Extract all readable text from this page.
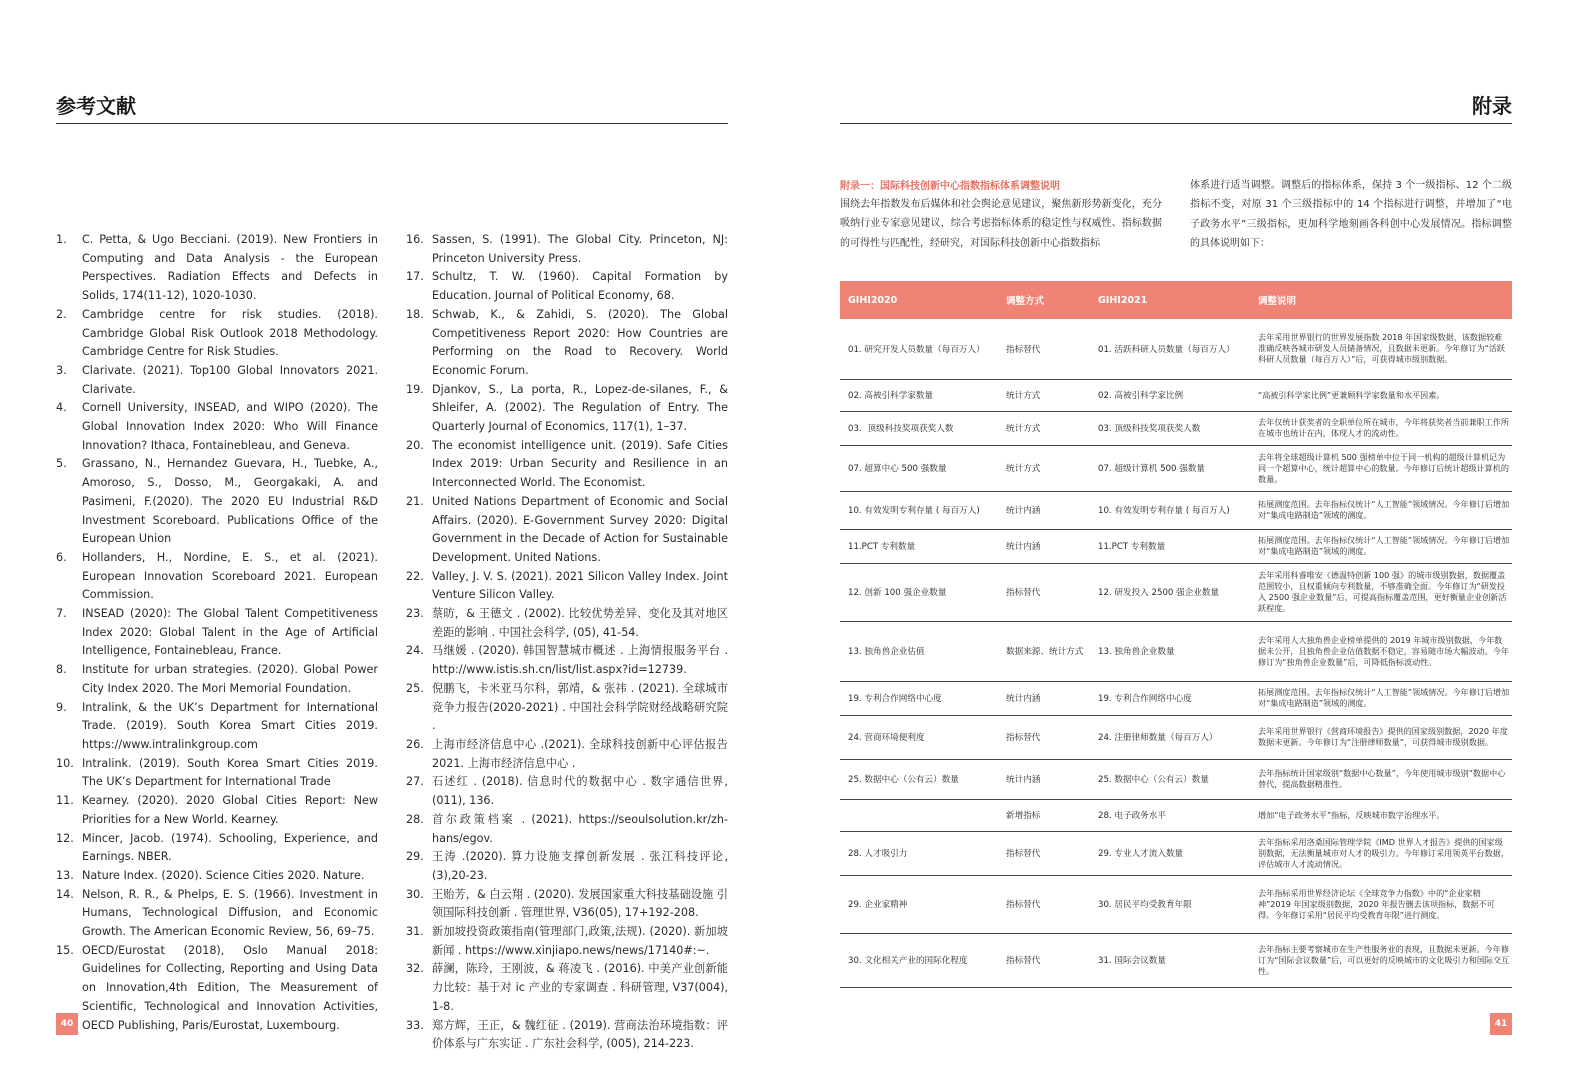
参考文献
1. C. Petta, & Ugo Becciani. (2019). New Frontiers in Computing and Data Analysis - the European Perspectives. Radiation Effects and Defects in Solids, 174(11-12), 1020-1030.
2. Cambridge centre for risk studies. (2018). Cambridge Global Risk Outlook 2018 Methodology. Cambridge Centre for Risk Studies.
3. Clarivate. (2021). Top100 Global Innovators 2021. Clarivate.
4. Cornell University, INSEAD, and WIPO (2020). The Global Innovation Index 2020: Who Will Finance Innovation? Ithaca, Fontainebleau, and Geneva.
5. Grassano, N., Hernandez Guevara, H., Tuebke, A., Amoroso, S., Dosso, M., Georgakaki, A. and Pasimeni, F.(2020). The 2020 EU Industrial R&D Investment Scoreboard. Publications Office of the European Union
6. Hollanders, H., Nordine, E. S., et al. (2021). European Innovation Scoreboard 2021. European Commission.
7. INSEAD (2020): The Global Talent Competitiveness Index 2020: Global Talent in the Age of Artificial Intelligence, Fontainebleau, France.
8. Institute for urban strategies. (2020). Global Power City Index 2020. The Mori Memorial Foundation.
9. Intralink, & the UK’s Department for International Trade. (2019). South Korea Smart Cities 2019. https://www.intralinkgroup.com
10. Intralink. (2019). South Korea Smart Cities 2019. The UK’s Department for International Trade
11. Kearney. (2020). 2020 Global Cities Report: New Priorities for a New World. Kearney.
12. Mincer, Jacob. (1974). Schooling, Experience, and Earnings. NBER.
13. Nature Index. (2020). Science Cities 2020. Nature.
14. Nelson, R. R., & Phelps, E. S. (1966). Investment in Humans, Technological Diffusion, and Economic Growth. The American Economic Review, 56, 69–75.
15. OECD/Eurostat (2018), Oslo Manual 2018: Guidelines for Collecting, Reporting and Using Data on Innovation,4th Edition, The Measurement of Scientific, Technological and Innovation Activities, OECD Publishing, Paris/Eurostat, Luxembourg.
16. Sassen, S. (1991). The Global City. Princeton, NJ: Princeton University Press.
17. Schultz, T. W. (1960). Capital Formation by Education. Journal of Political Economy, 68.
18. Schwab, K., & Zahidi, S. (2020). The Global Competitiveness Report 2020: How Countries are Performing on the Road to Recovery. World Economic Forum.
19. Djankov, S., La porta, R., Lopez-de-silanes, F., & Shleifer, A. (2002). The Regulation of Entry. The Quarterly Journal of Economics, 117(1), 1–37.
20. The economist intelligence unit. (2019). Safe Cities Index 2019: Urban Security and Resilience in an Interconnected World. The Economist.
21. United Nations Department of Economic and Social Affairs. (2020). E-Government Survey 2020: Digital Government in the Decade of Action for Sustainable Development. United Nations.
22. Valley, J. V. S. (2021). 2021 Silicon Valley Index. Joint Venture Silicon Valley.
23. 蔡昉，& 王德文 . (2002). 比较优势差异、变化及其对地区差距的影响 . 中国社会科学, (05), 41-54.
24. 马继媛 . (2020). 韩国智慧城市概述 . 上海情报服务平台 . http://www.istis.sh.cn/list/list.aspx?id=12739.
25. 倪鹏飞，卡米亚马尔科，郭靖，& 张祎 . (2021). 全球城市竞争力报告(2020-2021) . 中国社会科学院财经战略研究院 .
26. 上海市经济信息中心 .(2021). 全球科技创新中心评估报告 2021. 上海市经济信息中心 .
27. 石述红 . (2018). 信息时代的数据中心 . 数字通信世界, (011), 136.
28. 首尔政策档案 . (2021). https://seoulsolution.kr/zh-hans/egov.
29. 王涛 .(2020). 算力设施支撑创新发展 . 张江科技评论,(3),20-23.
30. 王贻芳，& 白云翔 . (2020). 发展国家重大科技基础设施 引领国际科技创新 . 管理世界, V36(05), 17+192-208.
31. 新加坡投资政策指南(管理部门,政策,法规). (2020). 新加坡新闻 . https://www.xinjiapo.news/news/17140#:~.
32. 薛澜，陈玲，王刚波，& 蒋凌飞 . (2016). 中美产业创新能力比较：基于对 ic 产业的专家调查 . 科研管理, V37(004), 1-8.
33. 郑方辉，王正，& 魏红征 . (2019). 营商法治环境指数：评价体系与广东实证 . 广东社会科学, (005), 214-223.
40
附录
附录一：国际科技创新中心指数指标体系调整说明
围绕去年指数发布后媒体和社会舆论意见建议，聚焦新形势新变化，充分吸纳行业专家意见建议，综合考虑指标体系的稳定性与权威性、指标数据的可得性与匹配性，经研究，对国际科技创新中心指数指标
体系进行适当调整。调整后的指标体系，保持 3 个一级指标、12 个二级指标不变，对原 31 个三级指标中的 14 个指标进行调整，并增加了“电子政务水平”三级指标，更加科学地刻画各科创中心发展情况。指标调整的具体说明如下：
GIHI2020	调整方式	GIHI2021	调整说明
01. 研究开发人员数量（每百万人）	指标替代	01. 活跃科研人员数量（每百万人）	去年采用世界银行的世界发展指数 2018 年国家级数据，该数据较难准确反映各城市研发人员储备情况，且数据未更新。今年修订为“活跃科研人员数量（每百万人）”后，可获得城市级别数据。
02. 高被引科学家数量	统计方式	02. 高被引科学家比例	“高被引科学家比例”更兼顾科学家数量和水平因素。
03．顶级科技奖项获奖人数	统计方式	03. 顶级科技奖项获奖人数	去年仅统计获奖者的全职单位所在城市，今年将获奖者当前兼职工作所在城市也统计在内，体现人才的流动性。
07. 超算中心 500 强数量	统计方式	07. 超级计算机 500 强数量	去年将全球超级计算机 500 强榜单中位于同一机构的超级计算机记为同一个超算中心，统计超算中心的数量。今年修订后统计超级计算机的数量。
10. 有效发明专利存量 ( 每百万人)	统计内涵	10. 有效发明专利存量 ( 每百万人)	拓展测度范围。去年指标仅统计“人工智能”领域情况。今年修订后增加对“集成电路制造”领域的测度。
11.PCT 专利数量	统计内涵	11.PCT 专利数量	拓展测度范围。去年指标仅统计“人工智能”领域情况。今年修订后增加对“集成电路制造”领域的测度。
12. 创新 100 强企业数量	指标替代	12. 研发投入 2500 强企业数量	去年采用科睿唯安《德温特创新 100 强》的城市级别数据，数据覆盖范围较小，且权重倾向专利数量，不够准确全面。今年修订为“研发投入 2500 强企业数量”后，可提高指标覆盖范围，更好衡量企业创新活跃程度。
13. 独角兽企业估值	数据来源、统计方式	13. 独角兽企业数量	去年采用人大独角兽企业榜单提供的 2019 年城市级别数据，今年数据未公开，且独角兽企业估值数据不稳定，容易随市场大幅波动。今年修订为“独角兽企业数量”后，可降低指标波动性。
19. 专利合作网络中心度	统计内涵	19. 专利合作网络中心度	拓展测度范围。去年指标仅统计“人工智能”领域情况。今年修订后增加对“集成电路制造”领域的测度。
24. 营商环境便利度	指标替代	24. 注册律师数量（每百万人）	去年采用世界银行《营商环境报告》提供的国家级别数据，2020 年度数据未更新。今年修订为“注册律师数量”，可获得城市级别数据。
25. 数据中心（公有云）数量	统计内涵	25. 数据中心（公有云）数量	去年指标统计国家级别“数据中心数量”，今年使用城市级别“数据中心替代，提高数据精准性。
	新增指标	28. 电子政务水平	增加“电子政务水平”指标，反映城市数字治理水平。
28. 人才吸引力	指标替代	29. 专业人才流入数量	去年指标采用洛桑国际管理学院《IMD 世界人才报告》提供的国家级别数据，无法衡量城市对人才的吸引力。今年修订采用领英平台数据，评估城市人才流动情况。
29. 企业家精神	指标替代	30. 居民平均受教育年限	去年指标采用世界经济论坛《全球竞争力指数》中的“企业家精神”2019 年国家级别数据，2020 年报告删去该项指标，数据不可得。今年修订采用“居民平均受教育年限”进行测度。
30. 文化相关产业的国际化程度	指标替代	31. 国际会议数量	去年指标主要考察城市在生产性服务业的表现，且数据未更新。今年修订为“国际会议数量”后，可以更好的反映城市的文化吸引力和国际交互性。
41
